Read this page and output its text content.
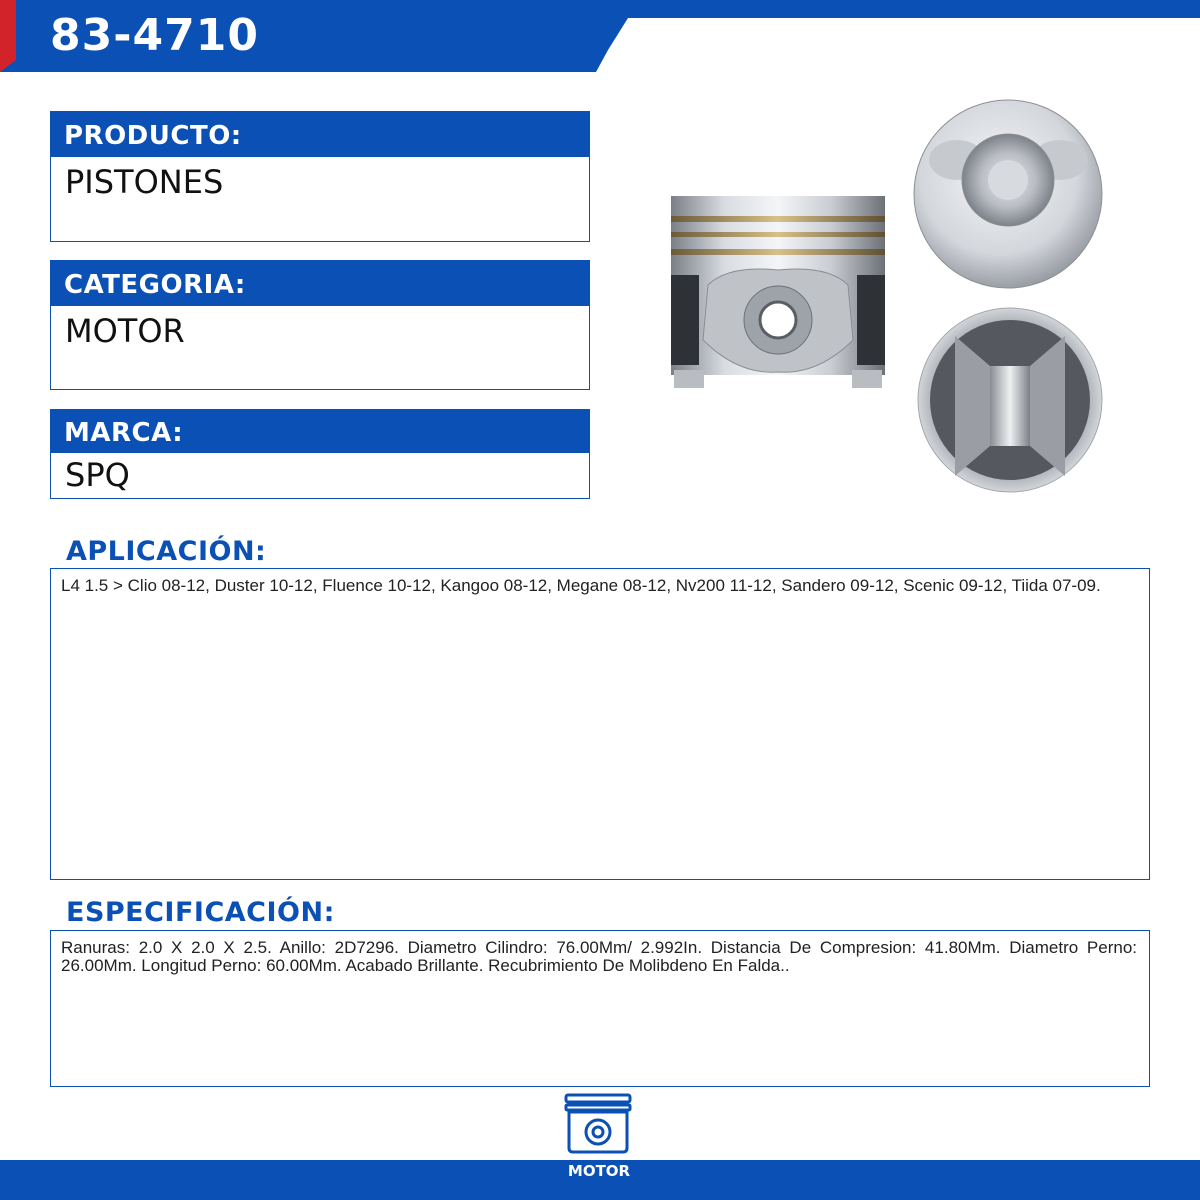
83-4710
PRODUCTO:
PISTONES
CATEGORIA:
MOTOR
MARCA:
SPQ
APLICACIÓN:
L4 1.5 > Clio 08-12, Duster 10-12, Fluence 10-12, Kangoo 08-12, Megane 08-12, Nv200 11-12, Sandero 09-12, Scenic 09-12, Tiida 07-09.
ESPECIFICACIÓN:
Ranuras: 2.0 X 2.0 X 2.5. Anillo: 2D7296. Diametro Cilindro: 76.00Mm/ 2.992In. Distancia De Compresion: 41.80Mm. Diametro Perno: 26.00Mm. Longitud Perno: 60.00Mm. Acabado Brillante. Recubrimiento De Molibdeno En Falda..
MOTOR
